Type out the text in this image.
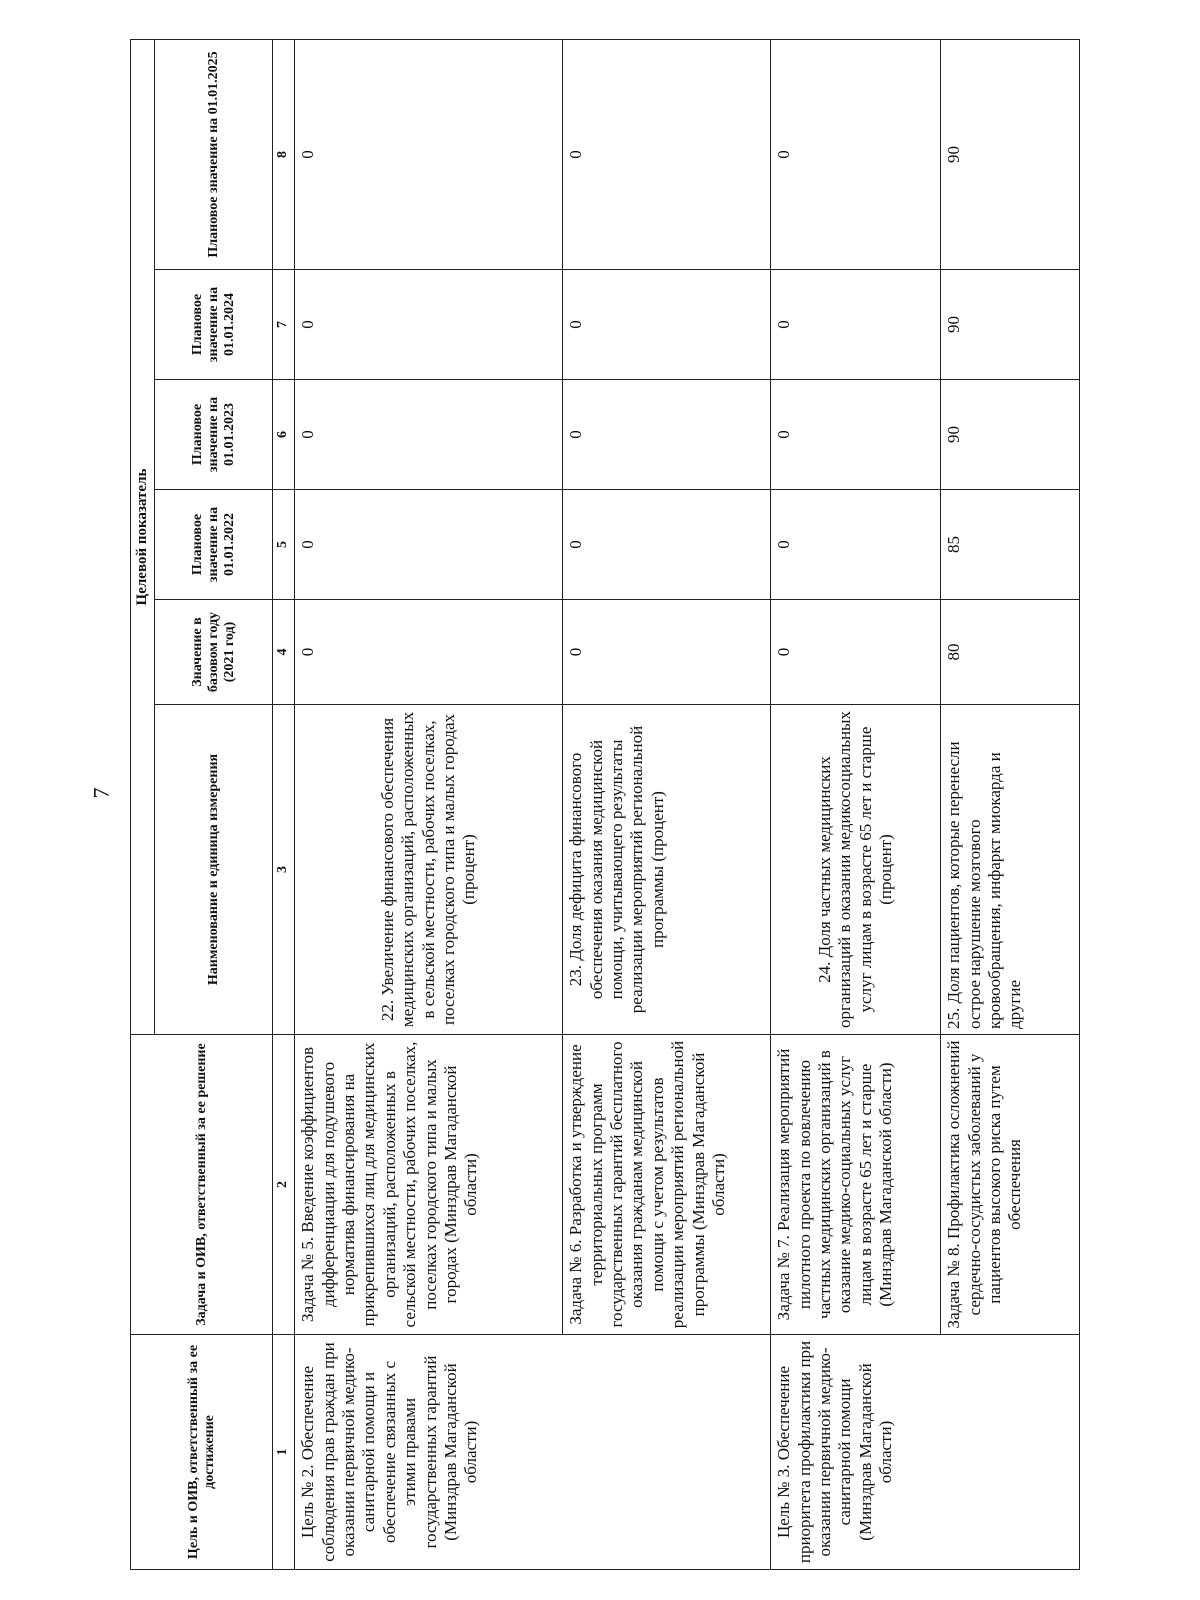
7
Цель и ОИВ, ответственный за ее достижение	Задача и ОИВ, ответственный за ее решение	Целевой показатель					
		Наименование и единица измерения	Значение в базовом году (2021 год)	Плановое значение на 01.01.2022	Плановое значение на 01.01.2023	Плановое значение на 01.01.2024	Плановое значение на 01.01.2025
1	2	3	4	5	6	7	8
Цель № 2. Обеспечение соблюдения прав граждан при оказании первичной медико-санитарной помощи и обеспечение связанных с этими правами государственных гарантий (Минздрав Магаданской области)	Задача № 5. Введение коэффициентов дифференциации для подушевого норматива финансирования на прикрепившихся лиц для медицинских организаций, расположенных в сельской местности, рабочих поселках, поселках городского типа и малых городах (Минздрав Магаданской области)	22. Увеличение финансового обеспечения медицинских организаций, расположенных в сельской местности, рабочих поселках, поселках городского типа и малых городах (процент)	0	0	0	0	0
	Задача № 6. Разработка и утверждение территориальных программ государственных гарантий бесплатного оказания гражданам медицинской помощи с учетом результатов реализации мероприятий региональной программы (Минздрав Магаданской области)	23. Доля дефицита финансового обеспечения оказания медицинской помощи, учитывающего результаты реализации мероприятий региональной программы (процент)	0	0	0	0	0
Цель № 3. Обеспечение приоритета профилактики при оказании первичной медико-санитарной помощи (Минздрав Магаданской области)	Задача № 7. Реализация мероприятий пилотного проекта по вовлечению частных медицинских организаций в оказание медико-социальных услуг лицам в возрасте 65 лет и старше (Минздрав Магаданской области)	24. Доля частных медицинских организаций в оказании медикосоциальных услуг лицам в возрасте 65 лет и старше (процент)	0	0	0	0	0
	Задача № 8. Профилактика осложнений сердечно-сосудистых заболеваний у пациентов высокого риска путем обеспечения	25. Доля пациентов, которые перенесли острое нарушение мозгового кровообращения, инфаркт миокарда и другие	80	85	90	90	90
